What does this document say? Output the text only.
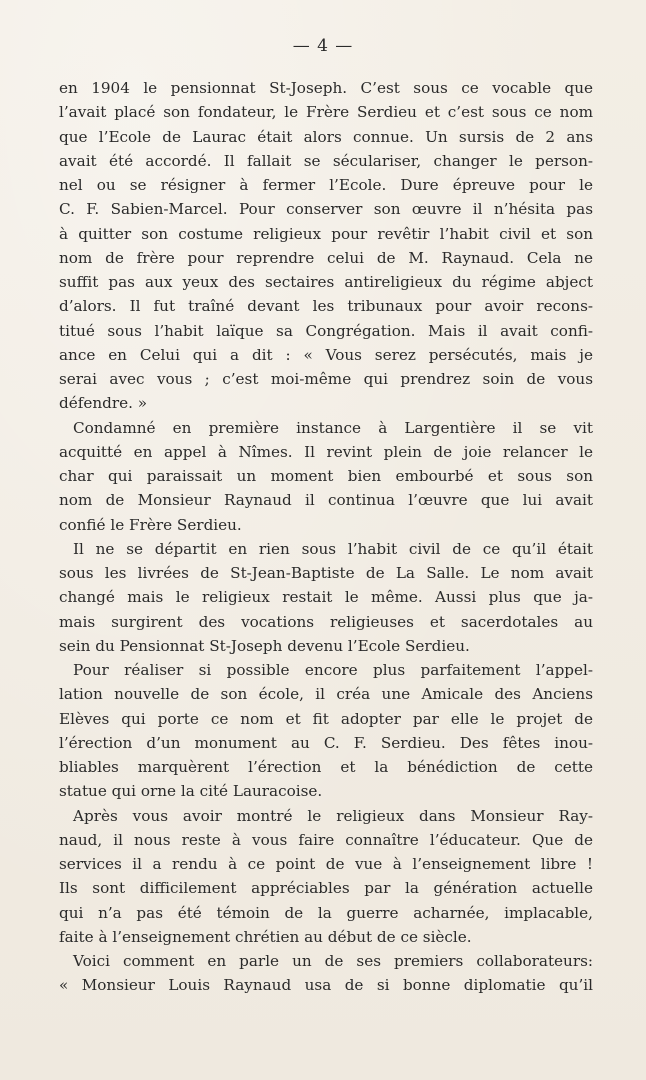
— 4 —
en 1904 le pensionnat St-Joseph. C’est sous ce vocable que
l’avait placé son fondateur, le Frère Serdieu et c’est sous ce nom
que l’Ecole de Laurac était alors connue. Un sursis de 2 ans
avait été accordé. Il fallait se séculariser, changer le person-
nel ou se résigner à fermer l’Ecole. Dure épreuve pour le
C. F. Sabien-Marcel. Pour conserver son œuvre il n’hésita pas
à quitter son costume religieux pour revêtir l’habit civil et son
nom de frère pour reprendre celui de M. Raynaud. Cela ne
suffit pas aux yeux des sectaires antireligieux du régime abject
d’alors. Il fut traîné devant les tribunaux pour avoir recons-
titué sous l’habit laïque sa Congrégation. Mais il avait confi-
ance en Celui qui a dit : « Vous serez persécutés, mais je
serai avec vous ; c’est moi-même qui prendrez soin de vous
défendre. »
Condamné en première instance à Largentière il se vit
acquitté en appel à Nîmes. Il revint plein de joie relancer le
char qui paraissait un moment bien embourbé et sous son
nom de Monsieur Raynaud il continua l’œuvre que lui avait
confié le Frère Serdieu.
Il ne se départit en rien sous l’habit civil de ce qu’il était
sous les livrées de St-Jean-Baptiste de La Salle. Le nom avait
changé mais le religieux restait le même. Aussi plus que ja-
mais surgirent des vocations religieuses et sacerdotales au
sein du Pensionnat St-Joseph devenu l’Ecole Serdieu.
Pour réaliser si possible encore plus parfaitement l’appel-
lation nouvelle de son école, il créa une Amicale des Anciens
Elèves qui porte ce nom et fit adopter par elle le projet de
l’érection d’un monument au C. F. Serdieu. Des fêtes inou-
bliables marquèrent l’érection et la bénédiction de cette
statue qui orne la cité Lauracoise.
Après vous avoir montré le religieux dans Monsieur Ray-
naud, il nous reste à vous faire connaître l’éducateur. Que de
services il a rendu à ce point de vue à l’enseignement libre !
Ils sont difficilement appréciables par la génération actuelle
qui n’a pas été témoin de la guerre acharnée, implacable,
faite à l’enseignement chrétien au début de ce siècle.
Voici comment en parle un de ses premiers collaborateurs:
« Monsieur Louis Raynaud usa de si bonne diplomatie qu’il
